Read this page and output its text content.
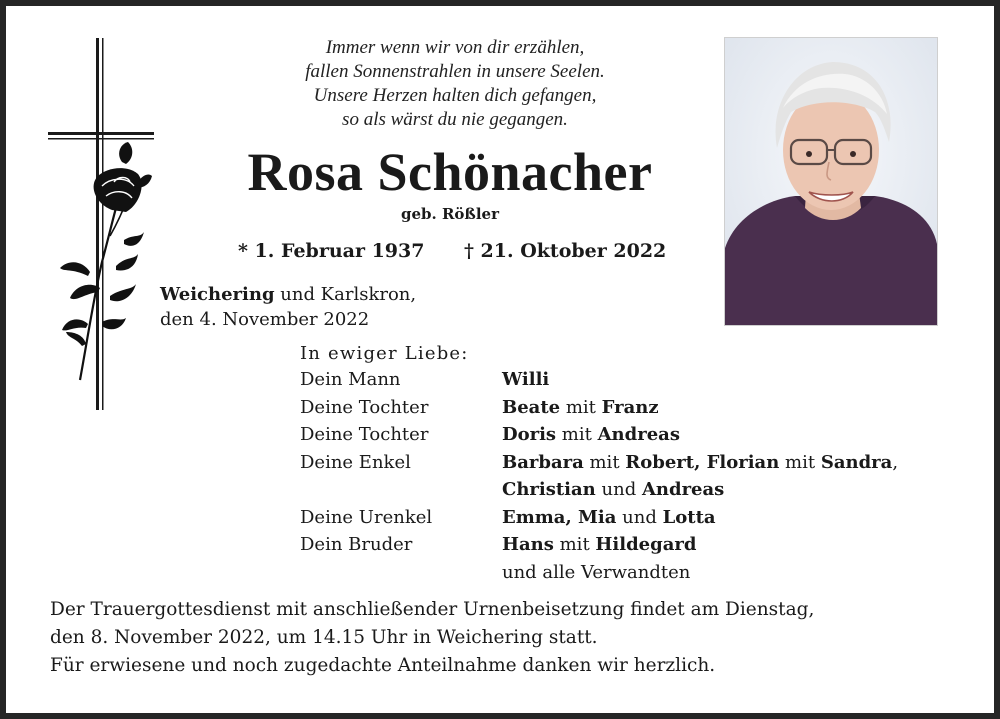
Immer wenn wir von dir erzählen,
fallen Sonnenstrahlen in unsere Seelen.
Unsere Herzen halten dich gefangen,
so als wärst du nie gegangen.
Rosa Schönacher
geb. Rößler
* 1. Februar 1937 † 21. Oktober 2022
Weichering und Karlskron,
den 4. November 2022
In ewiger Liebe:
Dein Mann	Willi
Deine Tochter	Beate mit Franz
Deine Tochter	Doris mit Andreas
Deine Enkel	Barbara mit Robert, Florian mit Sandra,
Christian und Andreas
Deine Urenkel	Emma, Mia und Lotta
Dein Bruder	Hans mit Hildegard
und alle Verwandten
Der Trauergottesdienst mit anschließender Urnenbeisetzung findet am Dienstag,
den 8. November 2022, um 14.15 Uhr in Weichering statt.
Für erwiesene und noch zugedachte Anteilnahme danken wir herzlich.
